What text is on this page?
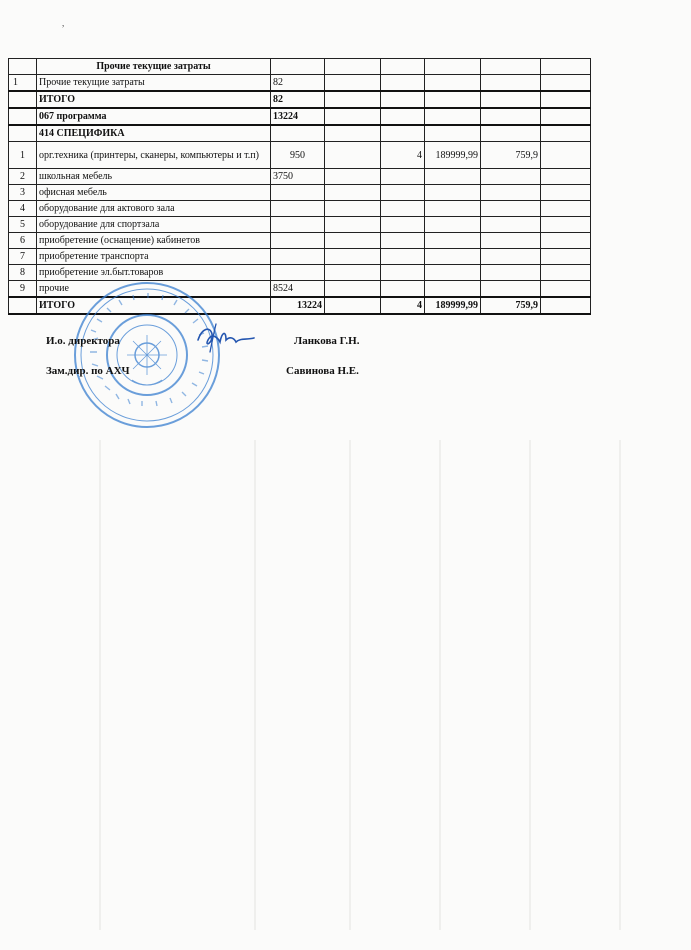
,
	Прочие текущие затраты						
1	Прочие текущие затраты	82					
	ИТОГО	82					
	067 программа	13224					
	414 СПЕЦИФИКА						
1	орг.техника (принтеры, сканеры, компьютеры и т.п)	950		4	189999,99	759,9	
2	школьная мебель	3750					
3	офисная мебель						
4	оборудование для актового зала						
5	оборудование для спортзала						
6	приобретение (оснащение) кабинетов						
7	приобретение транспорта						
8	приобретение эл.быт.товаров						
9	прочие	8524					
	ИТОГО	13224		4	189999,99	759,9	
И.о. директора	Ланкова Г.Н.
Зам.дир. по АХЧ	Савинова Н.Е.
